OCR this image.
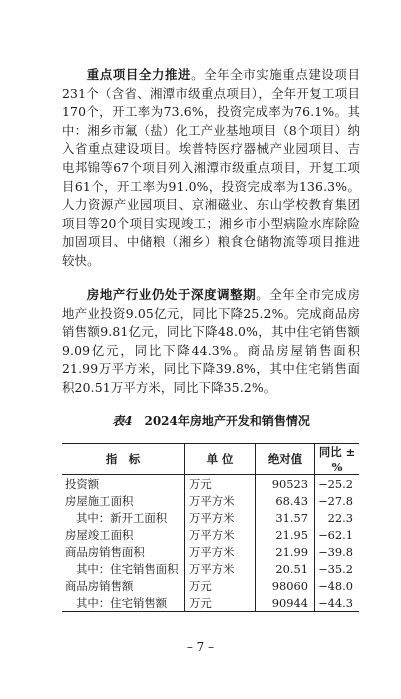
重点项目全力推进。全年全市实施重点建设项目231个（含省、湘潭市级重点项目），全年开复工项目170个，开工率为73.6%，投资完成率为76.1%。其中：湘乡市氟（盐）化工产业基地项目（8个项目）纳入省重点建设项目。埃普特医疗器械产业园项目、吉电邦锦等67个项目列入湘潭市级重点项目，开复工项目61个，开工率为91.0%，投资完成率为136.3%。人力资源产业园项目、京湘磁业、东山学校教育集团项目等20个项目实现竣工；湘乡市小型病险水库除险加固项目、中储粮（湘乡）粮食仓储物流等项目推进较快。

房地产行业仍处于深度调整期。全年全市完成房地产业投资9.05亿元，同比下降25.2%。完成商品房销售额9.81亿元，同比下降48.0%，其中住宅销售额9.09亿元，同比下降44.3%。商品房屋销售面积21.99万平方米，同比下降39.8%，其中住宅销售面积20.51万平方米，同比下降35.2%。

表4 2024年房地产开发和销售情况
指　标	单 位	绝对值	同比 ±%
投资额	万元	90523	−25.2
房屋施工面积	万平方米	68.43	−27.8
其中：新开工面积	万平方米	31.57	22.3
房屋竣工面积	万平方米	21.95	−62.1
商品房销售面积	万平方米	21.99	−39.8
其中：住宅销售面积	万平方米	20.51	−35.2
商品房销售额	万元	98060	−48.0
其中：住宅销售额	万元	90944	−44.3
– 7 –
